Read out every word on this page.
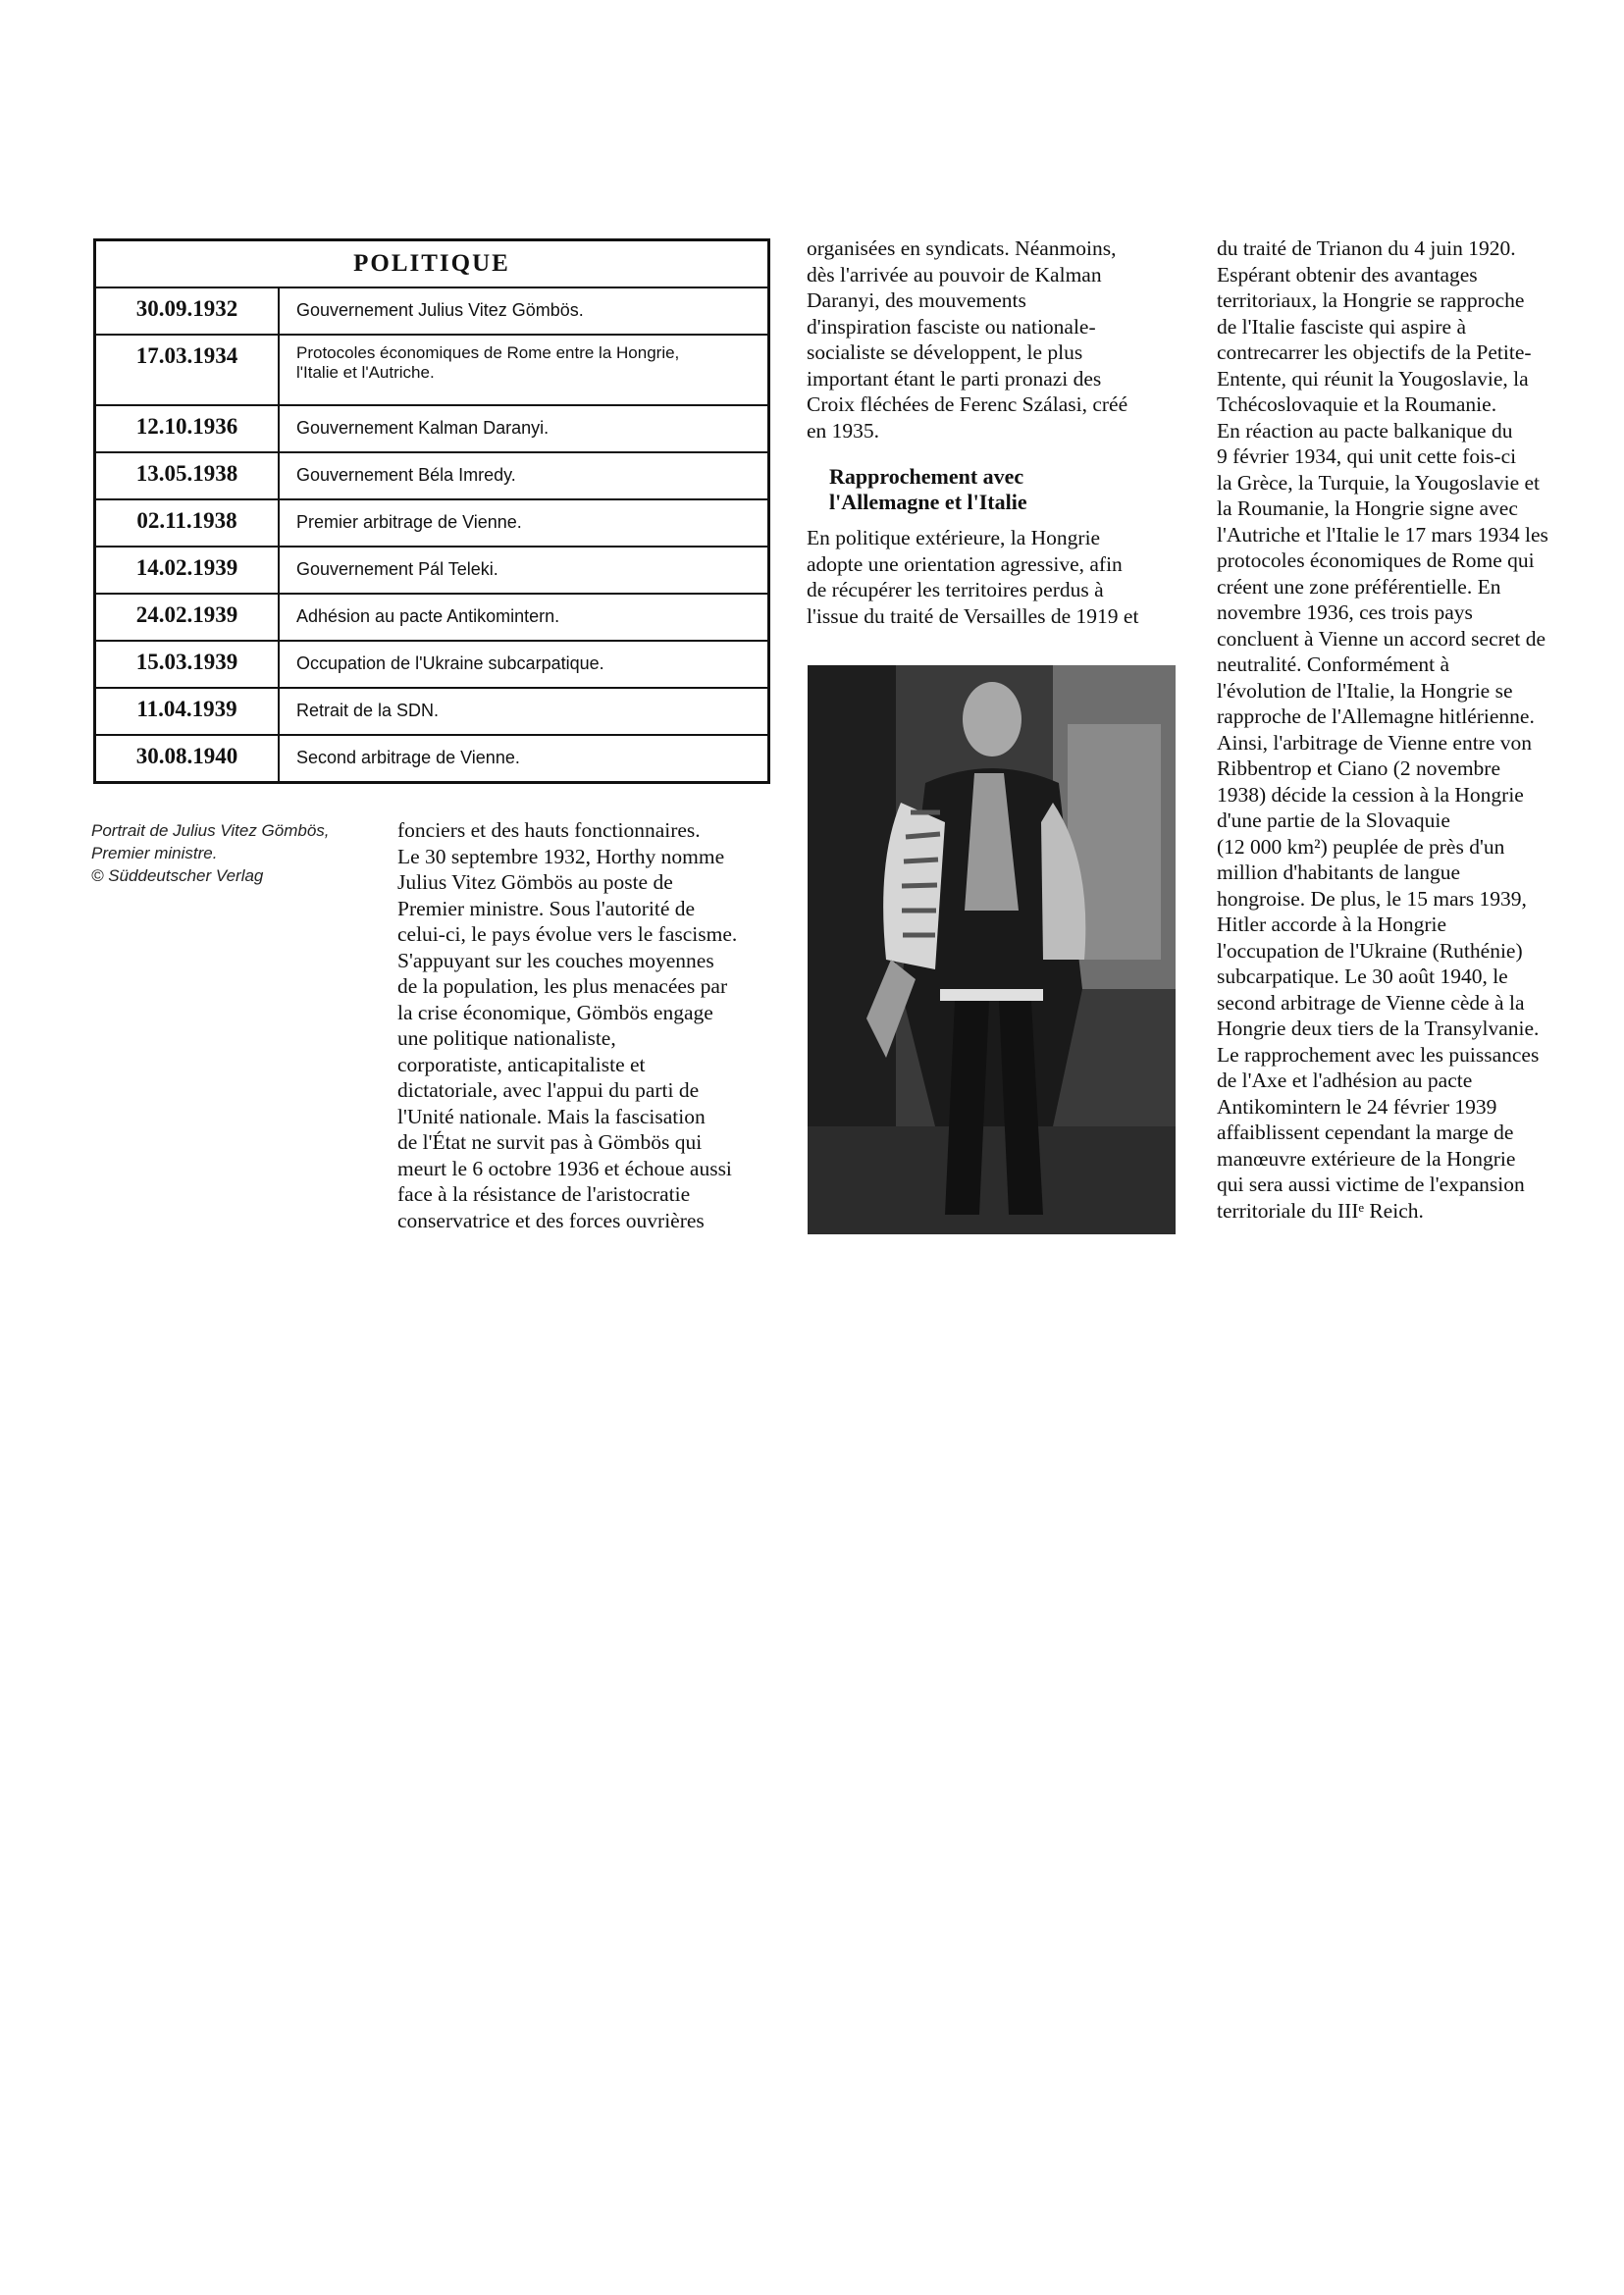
POLITIQUE
30.09.1932	Gouvernement Julius Vitez Gömbös.
17.03.1934	Protocoles économiques de Rome entre la Hongrie,
l'Italie et l'Autriche.
12.10.1936	Gouvernement Kalman Daranyi.
13.05.1938	Gouvernement Béla Imredy.
02.11.1938	Premier arbitrage de Vienne.
14.02.1939	Gouvernement Pál Teleki.
24.02.1939	Adhésion au pacte Antikomintern.
15.03.1939	Occupation de l'Ukraine subcarpatique.
11.04.1939	Retrait de la SDN.
30.08.1940	Second arbitrage de Vienne.
Portrait de Julius Vitez Gömbös,
Premier ministre.
© Süddeutscher Verlag
fonciers et des hauts fonctionnaires.
Le 30 septembre 1932, Horthy nomme
Julius Vitez Gömbös au poste de
Premier ministre. Sous l'autorité de
celui-ci, le pays évolue vers le fascisme.
S'appuyant sur les couches moyennes
de la population, les plus menacées par
la crise économique, Gömbös engage
une politique nationaliste,
corporatiste, anticapitaliste et
dictatoriale, avec l'appui du parti de
l'Unité nationale. Mais la fascisation
de l'État ne survit pas à Gömbös qui
meurt le 6 octobre 1936 et échoue aussi
face à la résistance de l'aristocratie
conservatrice et des forces ouvrières
organisées en syndicats. Néanmoins,
dès l'arrivée au pouvoir de Kalman
Daranyi, des mouvements
d'inspiration fasciste ou nationale-
socialiste se développent, le plus
important étant le parti pronazi des
Croix fléchées de Ferenc Szálasi, créé
en 1935.
Rapprochement avec
l'Allemagne et l'Italie
En politique extérieure, la Hongrie
adopte une orientation agressive, afin
de récupérer les territoires perdus à
l'issue du traité de Versailles de 1919 et
du traité de Trianon du 4 juin 1920.
Espérant obtenir des avantages
territoriaux, la Hongrie se rapproche
de l'Italie fasciste qui aspire à
contrecarrer les objectifs de la Petite-
Entente, qui réunit la Yougoslavie, la
Tchécoslovaquie et la Roumanie.
En réaction au pacte balkanique du
9 février 1934, qui unit cette fois-ci
la Grèce, la Turquie, la Yougoslavie et
la Roumanie, la Hongrie signe avec
l'Autriche et l'Italie le 17 mars 1934 les
protocoles économiques de Rome qui
créent une zone préférentielle. En
novembre 1936, ces trois pays
concluent à Vienne un accord secret de
neutralité. Conformément à
l'évolution de l'Italie, la Hongrie se
rapproche de l'Allemagne hitlérienne.
Ainsi, l'arbitrage de Vienne entre von
Ribbentrop et Ciano (2 novembre
1938) décide la cession à la Hongrie
d'une partie de la Slovaquie
(12 000 km²) peuplée de près d'un
million d'habitants de langue
hongroise. De plus, le 15 mars 1939,
Hitler accorde à la Hongrie
l'occupation de l'Ukraine (Ruthénie)
subcarpatique. Le 30 août 1940, le
second arbitrage de Vienne cède à la
Hongrie deux tiers de la Transylvanie.
Le rapprochement avec les puissances
de l'Axe et l'adhésion au pacte
Antikomintern le 24 février 1939
affaiblissent cependant la marge de
manœuvre extérieure de la Hongrie
qui sera aussi victime de l'expansion
territoriale du IIIᵉ Reich.
